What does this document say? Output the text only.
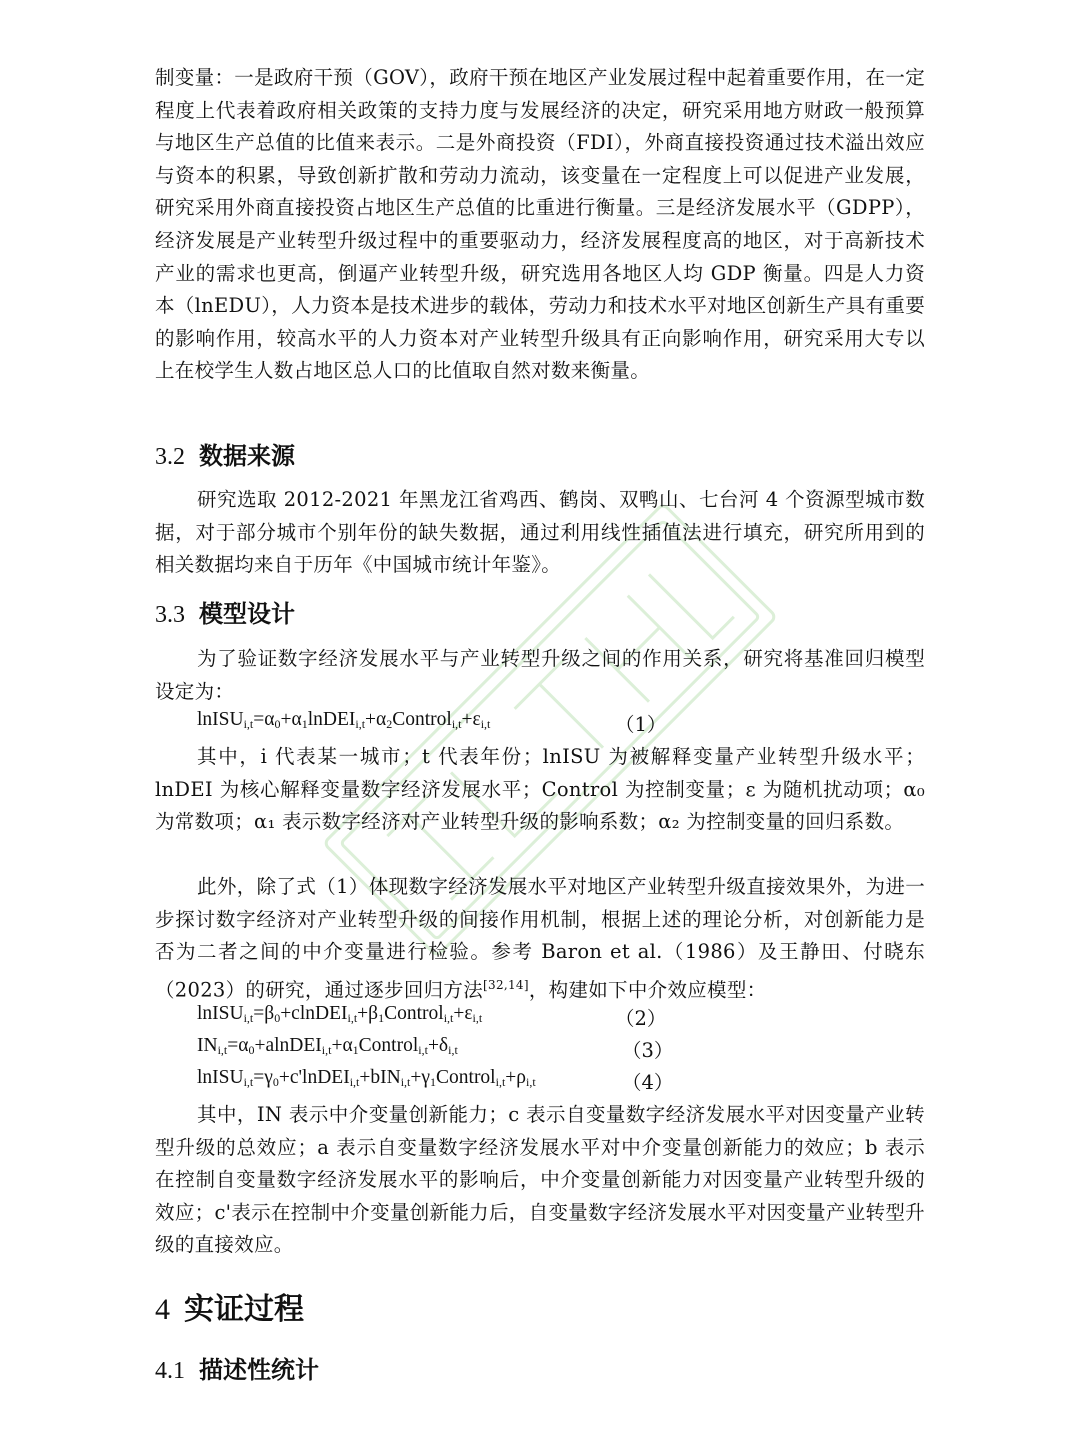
制变量：一是政府干预（GOV），政府干预在地区产业发展过程中起着重要作用，在一定程度上代表着政府相关政策的支持力度与发展经济的决定，研究采用地方财政一般预算与地区生产总值的比值来表示。二是外商投资（FDI），外商直接投资通过技术溢出效应与资本的积累，导致创新扩散和劳动力流动，该变量在一定程度上可以促进产业发展，研究采用外商直接投资占地区生产总值的比重进行衡量。三是经济发展水平（GDPP），经济发展是产业转型升级过程中的重要驱动力，经济发展程度高的地区，对于高新技术产业的需求也更高，倒逼产业转型升级，研究选用各地区人均 GDP 衡量。四是人力资本（lnEDU），人力资本是技术进步的载体，劳动力和技术水平对地区创新生产具有重要的影响作用，较高水平的人力资本对产业转型升级具有正向影响作用，研究采用大专以上在校学生人数占地区总人口的比值取自然对数来衡量。

3.2 数据来源

研究选取 2012-2021 年黑龙江省鸡西、鹤岗、双鸭山、七台河 4 个资源型城市数据，对于部分城市个别年份的缺失数据，通过利用线性插值法进行填充，研究所用到的相关数据均来自于历年《中国城市统计年鉴》。

3.3 模型设计

为了验证数字经济发展水平与产业转型升级之间的作用关系，研究将基准回归模型设定为：

$lnISU_{i,t}=\alpha_0+\alpha_1lnDEI_{i,t}+\alpha_2Control_{i,t}+\varepsilon_{i,t}$	（1）

其中，i 代表某一城市；t 代表年份；lnISU 为被解释变量产业转型升级水平；lnDEI 为核心解释变量数字经济发展水平；Control 为控制变量；ε 为随机扰动项；α₀ 为常数项；α₁ 表示数字经济对产业转型升级的影响系数；α₂ 为控制变量的回归系数。

此外，除了式（1）体现数字经济发展水平对地区产业转型升级直接效果外，为进一步探讨数字经济对产业转型升级的间接作用机制，根据上述的理论分析，对创新能力是否为二者之间的中介变量进行检验。参考 Baron et al.（1986）及王静田、付晓东（2023）的研究，通过逐步回归方法[32,14]，构建如下中介效应模型：

$lnISU_{i,t}=\beta_0+clnDEI_{i,t}+\beta_1Control_{i,t}+\varepsilon_{i,t}$	（2）
$IN_{i,t}=\alpha_0+alnDEI_{i,t}+\alpha_1Control_{i,t}+\delta_{i,t}$	（3）
$lnISU_{i,t}=\gamma_0+c'lnDEI_{i,t}+bIN_{i,t}+\gamma_1Control_{i,t}+\rho_{i,t}$	（4）

其中，IN 表示中介变量创新能力；c 表示自变量数字经济发展水平对因变量产业转型升级的总效应；a 表示自变量数字经济发展水平对中介变量创新能力的效应；b 表示在控制自变量数字经济发展水平的影响后，中介变量创新能力对因变量产业转型升级的效应；c'表示在控制中介变量创新能力后，自变量数字经济发展水平对因变量产业转型升级的直接效应。

4 实证过程
4.1 描述性统计
